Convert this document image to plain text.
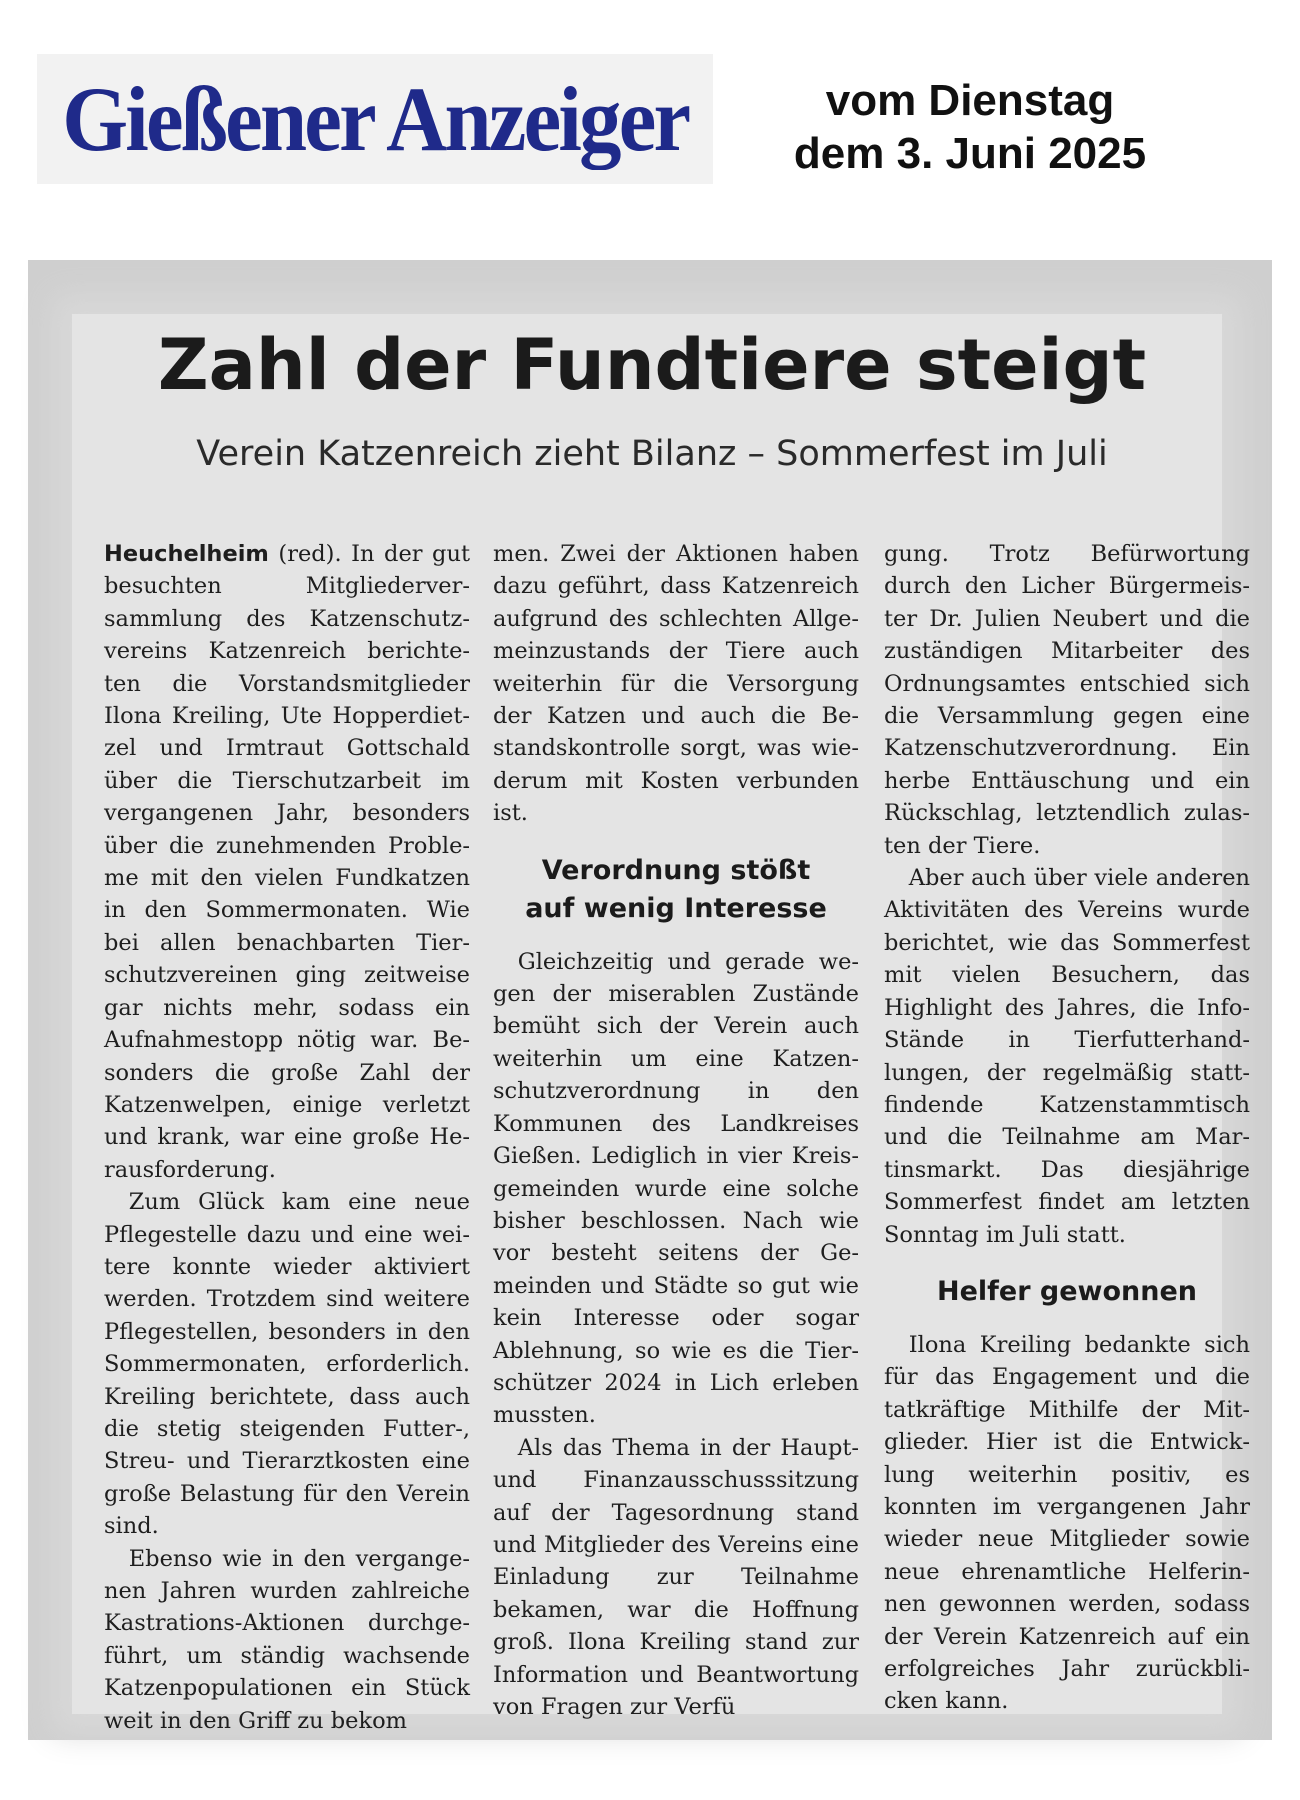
Gießener Anzeiger	vom Dienstag
dem 3. Juni 2025
Zahl der Fundtiere steigt
Verein Katzenreich zieht Bilanz – Sommerfest im Juli

Heuchelheim (red). In der gut besuchten Mitgliederversammlung des Katzenschutzvereins Katzenreich berichteten die Vorstandsmitglieder Ilona Kreiling, Ute Hopperdietzel und Irmtraut Gottschald über die Tierschutzarbeit im vergangenen Jahr, besonders über die zunehmenden Probleme mit den vielen Fundkatzen in den Sommermonaten. Wie bei allen benachbarten Tierschutzvereinen ging zeitweise gar nichts mehr, sodass ein Aufnahmestopp nötig war. Besonders die große Zahl der Katzenwelpen, einige verletzt und krank, war eine große Herausforderung.

Zum Glück kam eine neue Pflegestelle dazu und eine weitere konnte wieder aktiviert werden. Trotzdem sind weitere Pflegestellen, besonders in den Sommermonaten, erforderlich. Kreiling berichtete, dass auch die stetig steigenden Futter-, Streu- und Tierarztkosten eine große Belastung für den Verein sind.

Ebenso wie in den vergangenen Jahren wurden zahlreiche Kastrations-Aktionen durchgeführt, um ständig wachsende Katzenpopulationen ein Stück weit in den Griff zu bekom

men. Zwei der Aktionen haben dazu geführt, dass Katzenreich aufgrund des schlechten Allgemeinzustands der Tiere auch weiterhin für die Versorgung der Katzen und auch die Bestandskontrolle sorgt, was wiederum mit Kosten verbunden ist.

Verordnung stößt
auf wenig Interesse

Gleichzeitig und gerade wegen der miserablen Zustände bemüht sich der Verein auch weiterhin um eine Katzenschutzverordnung in den Kommunen des Landkreises Gießen. Lediglich in vier Kreisgemeinden wurde eine solche bisher beschlossen. Nach wie vor besteht seitens der Gemeinden und Städte so gut wie kein Interesse oder sogar Ablehnung, so wie es die Tierschützer 2024 in Lich erleben mussten.

Als das Thema in der Haupt- und Finanzausschusssitzung auf der Tagesordnung stand und Mitglieder des Vereins eine Einladung zur Teilnahme bekamen, war die Hoffnung groß. Ilona Kreiling stand zur Information und Beantwortung von Fragen zur Verfü

gung. Trotz Befürwortung durch den Licher Bürgermeister Dr. Julien Neubert und die zuständigen Mitarbeiter des Ordnungsamtes entschied sich die Versammlung gegen eine Katzenschutzverordnung. Ein herbe Enttäuschung und ein Rückschlag, letztendlich zulasten der Tiere.

Aber auch über viele anderen Aktivitäten des Vereins wurde berichtet, wie das Sommerfest mit vielen Besuchern, das Highlight des Jahres, die Info-Stände in Tierfutterhandlungen, der regelmäßig stattfindende Katzenstammtisch und die Teilnahme am Martinsmarkt. Das diesjährige Sommerfest findet am letzten Sonntag im Juli statt.

Helfer gewonnen

Ilona Kreiling bedankte sich für das Engagement und die tatkräftige Mithilfe der Mitglieder. Hier ist die Entwicklung weiterhin positiv, es konnten im vergangenen Jahr wieder neue Mitglieder sowie neue ehrenamtliche Helferinnen gewonnen werden, sodass der Verein Katzenreich auf ein erfolgreiches Jahr zurückblicken kann.
